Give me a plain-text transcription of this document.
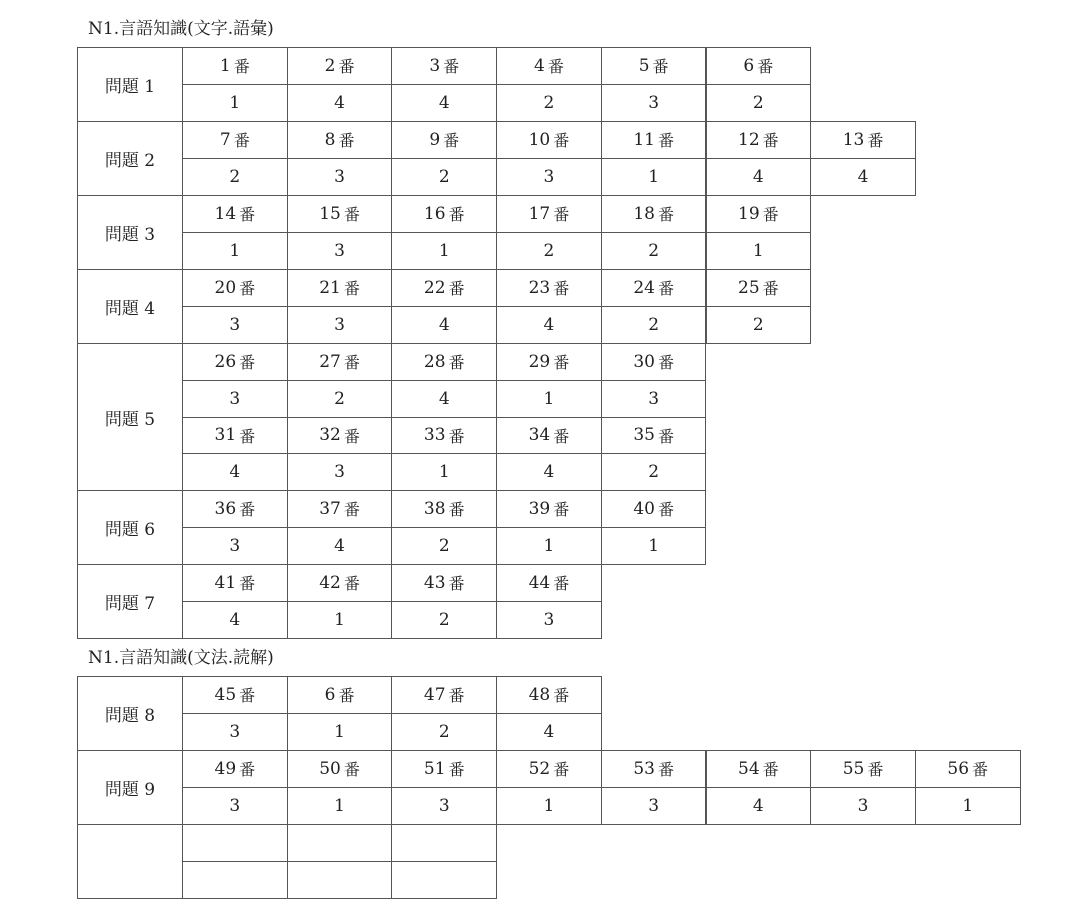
N1.言語知識(文字.語彙)
N1.言語知識(文法.読解)
問題 1
1 番	2 番	3 番	4 番	5 番	6 番
1	4	4	2	3	2
問題 2
7 番	8 番	9 番	10 番	11 番	12 番	13 番
2	3	2	3	1	4	4
問題 3
14 番	15 番	16 番	17 番	18 番	19 番
1	3	1	2	2	1
問題 4
20 番	21 番	22 番	23 番	24 番	25 番
3	3	4	4	2	2
問題 5
26 番	27 番	28 番	29 番	30 番
3	2	4	1	3
31 番	32 番	33 番	34 番	35 番
4	3	1	4	2
問題 6
36 番	37 番	38 番	39 番	40 番
3	4	2	1	1
問題 7
41 番	42 番	43 番	44 番
4	1	2	3
問題 8
45 番	6 番	47 番	48 番
3	1	2	4
問題 9
49 番	50 番	51 番	52 番	53 番	54 番	55 番	56 番
3	1	3	1	3	4	3	1
